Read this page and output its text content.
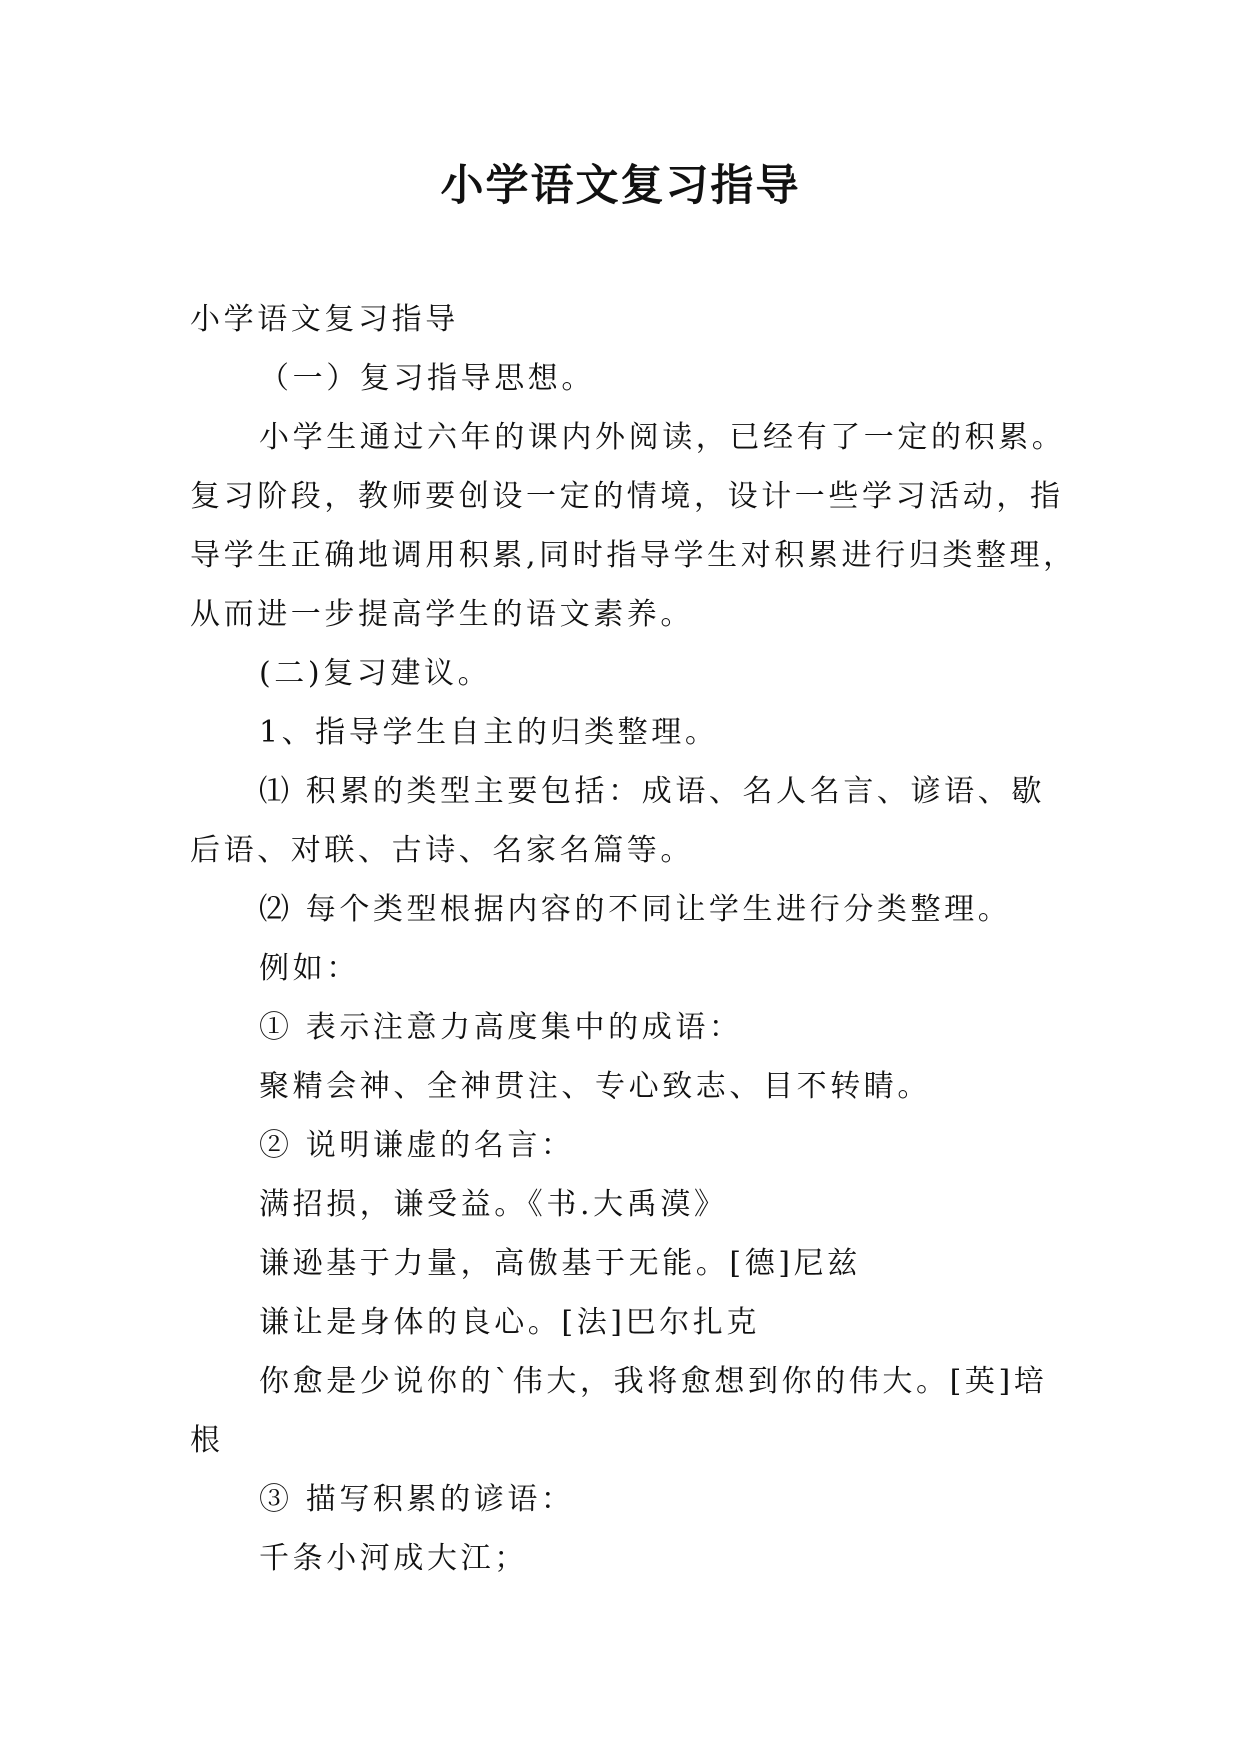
小学语文复习指导
小学语文复习指导
（一）复习指导思想。
小学生通过六年的课内外阅读，已经有了一定的积累。
复习阶段，教师要创设一定的情境，设计一些学习活动，指
导学生正确地调用积累,同时指导学生对积累进行归类整理，
从而进一步提高学生的语文素养。
(二)复习建议。
1、指导学生自主的归类整理。
⑴ 积累的类型主要包括：成语、名人名言、谚语、歇
后语、对联、古诗、名家名篇等。
⑵ 每个类型根据内容的不同让学生进行分类整理。
例如：
① 表示注意力高度集中的成语：
聚精会神、全神贯注、专心致志、目不转睛。
② 说明谦虚的名言：
满招损，谦受益。《书.大禹漠》
谦逊基于力量，高傲基于无能。[德]尼兹
谦让是身体的良心。[法]巴尔扎克
你愈是少说你的`伟大，我将愈想到你的伟大。[英]培
根
③ 描写积累的谚语：
千条小河成大江；
